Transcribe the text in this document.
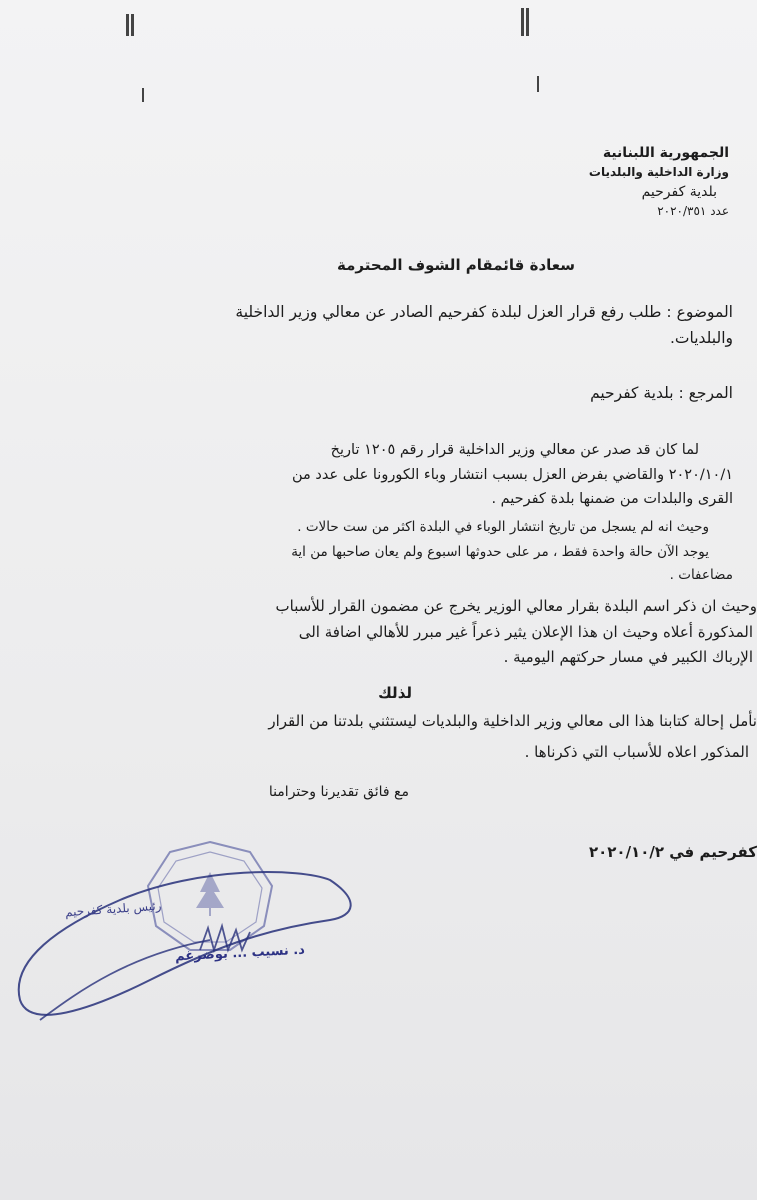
الجمهورية اللبنانية
وزارة الداخلية والبلديات
بلدية كفرحيم
عدد ٢٠٢٠/٣٥١
سعادة قائمقام الشوف المحترمة
الموضوع : طلب رفع قرار العزل لبلدة كفرحيم الصادر عن معالي وزير الداخلية
والبلديات.
المرجع : بلدية كفرحيم
لما كان قد صدر عن معالي وزير الداخلية قرار رقم ١٢٠٥ تاريخ
٢٠٢٠/١٠/١ والقاضي بفرض العزل بسبب انتشار وباء الكورونا على عدد من
القرى والبلدات من ضمنها بلدة كفرحيم .
وحيث انه لم يسجل من تاريخ انتشار الوباء في البلدة اكثر من ست حالات .
يوجد الآن حالة واحدة فقط ، مر على حدوثها اسبوع ولم يعان صاحبها من اية
مضاعفات .
وحيث ان ذكر اسم البلدة بقرار معالي الوزير يخرج عن مضمون القرار للأسباب
المذكورة أعلاه وحيث ان هذا الإعلان يثير ذعراً غير مبرر للأهالي اضافة الى
الإرباك الكبير في مسار حركتهم اليومية .
لذلك
نأمل إحالة كتابنا هذا الى معالي وزير الداخلية والبلديات ليستثني بلدتنا من القرار
المذكور اعلاه للأسباب التي ذكرناها .
مع فائق تقديرنا وحترامنا
كفرحيم في ٢٠٢٠/١٠/٢
رئيس بلدية كفرحيم
د. نسيب ... بوضرغم
